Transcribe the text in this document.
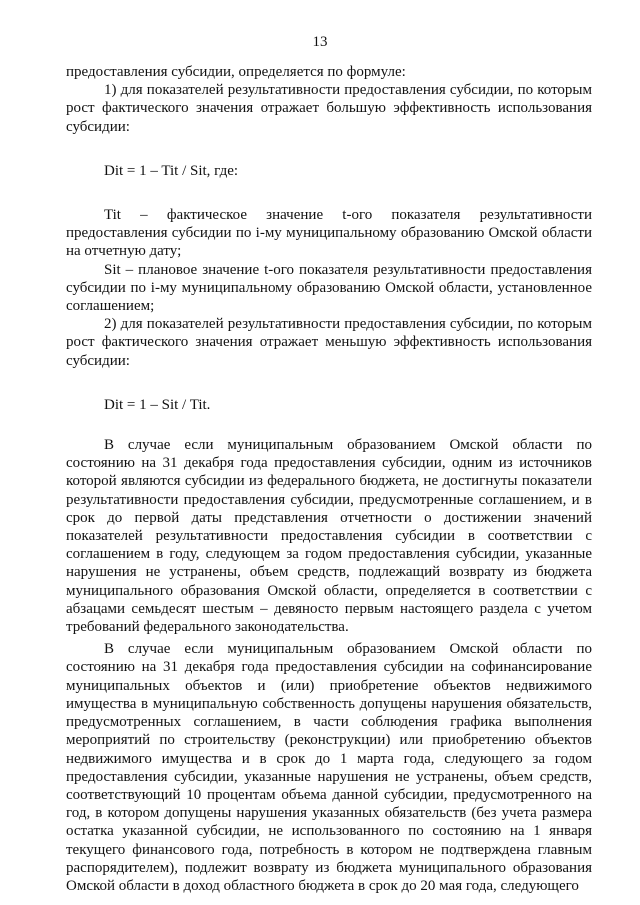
13

предоставления субсидии, определяется по формуле:

1) для показателей результативности предоставления субсидии, по которым рост фактического значения отражает большую эффективность использования субсидии:

Dit = 1 – Tit / Sit, где:

Tit – фактическое значение t-ого показателя результативности предоставления субсидии по i-му муниципальному образованию Омской области на отчетную дату;

Sit – плановое значение t-ого показателя результативности предоставления субсидии по i-му муниципальному образованию Омской области, установленное соглашением;

2) для показателей результативности предоставления субсидии, по которым рост фактического значения отражает меньшую эффективность использования субсидии:

Dit = 1 – Sit / Tit.

В случае если муниципальным образованием Омской области по состоянию на 31 декабря года предоставления субсидии, одним из источников которой являются субсидии из федерального бюджета, не достигнуты показатели результативности предоставления субсидии, предусмотренные соглашением, и в срок до первой даты представления отчетности о достижении значений показателей результативности предоставления субсидии в соответствии с соглашением в году, следующем за годом предоставления субсидии, указанные нарушения не устранены, объем средств, подлежащий возврату из бюджета муниципального образования Омской области, определяется в соответствии с абзацами семьдесят шестым – девяносто первым настоящего раздела с учетом требований федерального законодательства.

В случае если муниципальным образованием Омской области по состоянию на 31 декабря года предоставления субсидии на софинансирование муниципальных объектов и (или) приобретение объектов недвижимого имущества в муниципальную собственность допущены нарушения обязательств, предусмотренных соглашением, в части соблюдения графика выполнения мероприятий по строительству (реконструкции) или приобретению объектов недвижимого имущества и в срок до 1 марта года, следующего за годом предоставления субсидии, указанные нарушения не устранены, объем средств, соответствующий 10 процентам объема данной субсидии, предусмотренного на год, в котором допущены нарушения указанных обязательств (без учета размера остатка указанной субсидии, не использованного по состоянию на 1 января текущего финансового года, потребность в котором не подтверждена главным распорядителем), подлежит возврату из бюджета муниципального образования Омской области в доход областного бюджета в срок до 20 мая года, следующего
